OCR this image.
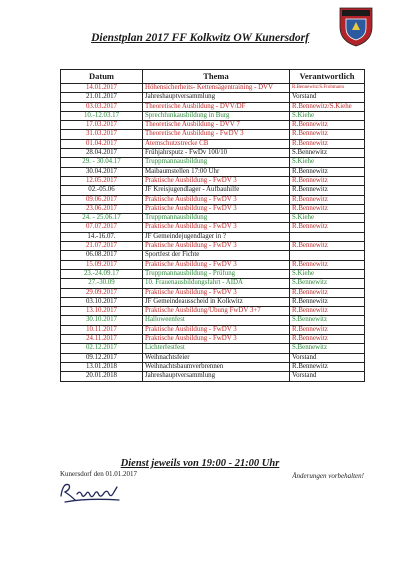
Dienstplan 2017 FF Kolkwitz OW Kunersdorf
Datum	Thema	Verantwortlich
14.01.2017	Höhensicherheits- Kettensägentraining - DVV	R.Bennewitz/S.Frohmann
21.01.2017	Jahreshauptversammlung	Vorstand
03.03.2017	Theoretische Ausbildung - DVV/DF	R.Bennewitz/S.Kiehe
10.-12.03.17	Sprechfunkausbildung in Burg	S.Kiehe
17.03.2017	Theoretische Ausbildung - DVV 7	R.Bennewitz
31.03.2017	Theoretische Ausbildung - FwDV 3	R.Bennewitz
01.04.2017	Atemschutzstrecke CB	R.Bennewitz
28.04.2017	Frühjahrsputz - FwDv 100/10	S.Bennewitz
29. - 30.04.17	Truppmannausbildung	S.Kiehe
30.04.2017	Maibaumstellen 17:00 Uhr	R.Bennewitz
12.05.2017	Praktische Ausbildung - FwDV 3	R.Bennewitz
02.-05.06	JF Kreisjugendlager - Aufbauhilfe	R.Bennewitz
09.06.2017	Praktische Ausbildung - FwDV 3	R.Bennewitz
23.06.2017	Praktische Ausbildung - FwDV 3	R.Bennewitz
24. - 25.06.17	Truppmannausbildung	S.Kiehe
07.07.2017	Praktische Ausbildung - FwDV 3	R.Bennewitz
14.-16.07.	JF Gemeindejugendlager in ?	
21.07.2017	Praktische Ausbildung - FwDV 3	R.Bennewitz
06.08.2017	Sportfest der Fichte	
15.09.2017	Praktische Ausbildung - FwDV 3	R.Bennewitz
23.-24.09.17	Truppmannausbildung - Prüfung	S.Kiehe
27.-30.09	10. Frauenausbildungsfahrt - AIDA	S.Bennewitz
29.09.2017	Praktische Ausbildung - FwDV 3	R.Bennewitz
03.10.2017	JF Gemeindeausscheid in Kolkwitz	R.Bennewitz
13.10.2017	Praktische Ausbildung/Übung FwDV 3+7	R.Bennewitz
30.10.2017	Halloweenfest	S.Bennewitz
10.11.2017	Praktische Ausbildung - FwDV 3	R.Bennewitz
24.11.2017	Praktische Ausbildung - FwDV 3	R.Bennewitz
02.12.2017	Lichterfestfest	S.Bennewitz
09.12.2017	Weihnachtsfeier	Vorstand
13.01.2018	Weihnachtsbaumverbrennen	R.Bennewitz
20.01.2018	Jahreshauptversammlung	Vorstand
Dienst jeweils von 19:00 - 21:00 Uhr
Kunersdorf den 01.01.2017	Änderungen vorbehalten!
